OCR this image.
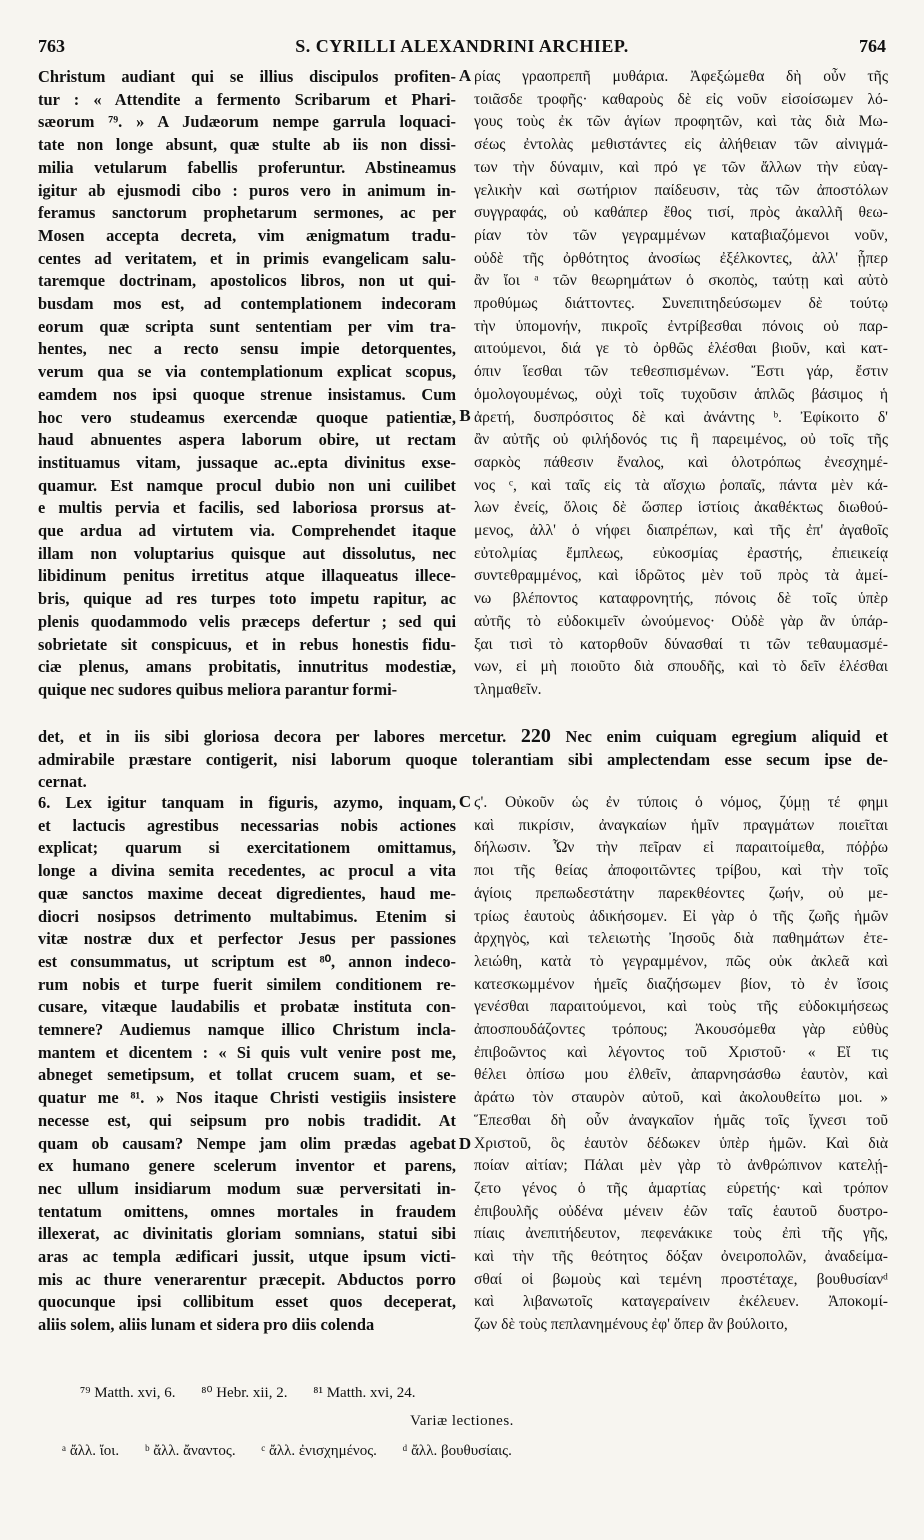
763	S. CYRILLI ALEXANDRINI ARCHIEP.	764
Christum audiant qui se illius discipulos profiten-
tur : « Attendite a fermento Scribarum et Phari-
sæorum ⁷⁹. » A Judæorum nempe garrula loquaci-
tate non longe absunt, quæ stulte ab iis non dissi-
milia vetularum fabellis proferuntur. Abstineamus
igitur ab ejusmodi cibo : puros vero in animum in-
feramus sanctorum prophetarum sermones, ac per
Mosen accepta decreta, vim ænigmatum tradu-
centes ad veritatem, et in primis evangelicam salu-
taremque doctrinam, apostolicos libros, non ut qui-
busdam mos est, ad contemplationem indecoram
eorum quæ scripta sunt sententiam per vim tra-
hentes, nec a recto sensu impie detorquentes,
verum qua se via contemplationum explicat scopus,
eamdem nos ipsi quoque strenue insistamus. Cum
hoc vero studeamus exercendæ quoque patientiæ,
haud abnuentes aspera laborum obire, ut rectam
instituamus vitam, jussaque ac..epta divinitus exse-
quamur. Est namque procul dubio non uni cuilibet
e multis pervia et facilis, sed laboriosa prorsus at-
que ardua ad virtutem via. Comprehendet itaque
illam non voluptarius quisque aut dissolutus, nec
libidinum penitus irretitus atque illaqueatus illece-
bris, quique ad res turpes toto impetu rapitur, ac
plenis quodammodo velis præceps defertur ; sed qui
sobrietate sit conspicuus, et in rebus honestis fidu-
ciæ plenus, amans probitatis, innutritus modestiæ,
quique nec sudores quibus meliora parantur formi-
ρίας γραοπρεπῆ μυθάρια. Ἀφεξώμεθα δὴ οὖν τῆς
τοιᾶσδε τροφῆς· καθαροὺς δὲ εἰς νοῦν εἰσοίσωμεν λό-
γους τοὺς ἐκ τῶν ἁγίων προφητῶν, καὶ τὰς διὰ Μω-
σέως ἐντολὰς μεθιστάντες εἰς ἀλήθειαν τῶν αἰνιγμά-
των τὴν δύναμιν, καὶ πρό γε τῶν ἄλλων τὴν εὐαγ-
γελικὴν καὶ σωτήριον παίδευσιν, τὰς τῶν ἀποστόλων
συγγραφάς, οὐ καθάπερ ἔθος τισί, πρὸς ἀκαλλῆ θεω-
ρίαν τὸν τῶν γεγραμμένων καταβιαζόμενοι νοῦν,
οὐδὲ τῆς ὀρθότητος ἀνοσίως ἐξέλκοντες, ἀλλ' ᾗπερ
ἂν ἴοι ᵃ τῶν θεωρημάτων ὁ σκοπὸς, ταύτῃ καὶ αὐτὸ
προθύμως διάττοντες. Συνεπιτηδεύσωμεν δὲ τούτῳ
τὴν ὑπομονήν, πικροῖς ἐντρίβεσθαι πόνοις οὐ παρ-
αιτούμενοι, διά γε τὸ ὀρθῶς ἑλέσθαι βιοῦν, καὶ κατ-
όπιν ἵεσθαι τῶν τεθεσπισμένων. Ἔστι γάρ, ἔστιν
ὁμολογουμένως, οὐχὶ τοῖς τυχοῦσιν ἁπλῶς βάσιμος ἡ
ἀρετή, δυσπρόσιτος δὲ καὶ ἀνάντης ᵇ. Ἐφίκοιτο δ'
ἂν αὐτῆς οὐ φιλήδονός τις ἢ παρειμένος, οὐ τοῖς τῆς
σαρκὸς πάθεσιν ἔναλος, καὶ ὁλοτρόπως ἐνεσχημέ-
νος ᶜ, καὶ ταῖς εἰς τὰ αἴσχιω ῥοπαῖς, πάντα μὲν κά-
λων ἐνείς, ὅλοις δὲ ὥσπερ ἱστίοις ἀκαθέκτως διωθού-
μενος, ἀλλ' ὁ νήφει διαπρέπων, καὶ τῆς ἐπ' ἀγαθοῖς
εὐτολμίας ἔμπλεως, εὐκοσμίας ἐραστής, ἐπιεικείᾳ
συντεθραμμένος, καὶ ἱδρῶτος μὲν τοῦ πρὸς τὰ ἀμεί-
νω βλέποντος καταφρονητής, πόνοις δὲ τοῖς ὑπὲρ
αὐτῆς τὸ εὐδοκιμεῖν ὠνούμενος· Οὐδὲ γὰρ ἂν ὑπάρ-
ξαι τισὶ τὸ κατορθοῦν δύνασθαί τι τῶν τεθαυμασμέ-
νων, εἰ μὴ ποιοῦτο διὰ σπουδῆς, καὶ τὸ δεῖν ἑλέσθαι
τλημαθεῖν.
A
B
C
D
det, et in iis sibi gloriosa decora per labores mercetur. 220 Nec enim cuiquam egregium aliquid et
admirabile præstare contigerit, nisi laborum quoque tolerantiam sibi amplectendam esse secum ipse de-
cernat.
6. Lex igitur tanquam in figuris, azymo, inquam,
et lactucis agrestibus necessarias nobis actiones
explicat; quarum si exercitationem omittamus,
longe a divina semita recedentes, ac procul a vita
quæ sanctos maxime deceat digredientes, haud me-
diocri nosipsos detrimento multabimus. Etenim si
vitæ nostræ dux et perfector Jesus per passiones
est consummatus, ut scriptum est ⁸⁰, annon indeco-
rum nobis et turpe fuerit similem conditionem re-
cusare, vitæque laudabilis et probatæ instituta con-
temnere? Audiemus namque illico Christum incla-
mantem et dicentem : « Si quis vult venire post me,
abneget semetipsum, et tollat crucem suam, et se-
quatur me ⁸¹. » Nos itaque Christi vestigiis insistere
necesse est, qui seipsum pro nobis tradidit. At
quam ob causam? Nempe jam olim prædas agebat
ex humano genere scelerum inventor et parens,
nec ullum insidiarum modum suæ perversitati in-
tentatum omittens, omnes mortales in fraudem
illexerat, ac divinitatis gloriam somnians, statui sibi
aras ac templa ædificari jussit, utque ipsum victi-
mis ac thure venerarentur præcepit. Abductos porro
quocunque ipsi collibitum esset quos deceperat,
aliis solem, aliis lunam et sidera pro diis colenda
ϛ'. Οὐκοῦν ὡς ἐν τύποις ὁ νόμος, ζύμῃ τέ φημι
καὶ πικρίσιν, ἀναγκαίων ἡμῖν πραγμάτων ποιεῖται
δήλωσιν. Ὧν τὴν πεῖραν εἰ παραιτοίμεθα, πόῤῥω
ποι τῆς θείας ἀποφοιτῶντες τρίβου, καὶ τὴν τοῖς
ἁγίοις πρεπωδεστάτην παρεκθέοντες ζωήν, οὐ με-
τρίως ἑαυτοὺς ἀδικήσομεν. Εἰ γὰρ ὁ τῆς ζωῆς ἡμῶν
ἀρχηγὸς, καὶ τελειωτὴς Ἰησοῦς διὰ παθημάτων ἐτε-
λειώθη, κατὰ τὸ γεγραμμένον, πῶς οὐκ ἀκλεᾶ καὶ
κατεσκωμμένον ἡμεῖς διαζήσωμεν βίον, τὸ ἐν ἴσοις
γενέσθαι παραιτούμενοι, καὶ τοὺς τῆς εὐδοκιμήσεως
ἀποσπουδάζοντες τρόπους; Ἀκουσόμεθα γὰρ εὐθὺς
ἐπιβοῶντος καὶ λέγοντος τοῦ Χριστοῦ· « Εἴ τις
θέλει ὀπίσω μου ἐλθεῖν, ἀπαρνησάσθω ἑαυτὸν, καὶ
ἀράτω τὸν σταυρὸν αὐτοῦ, καὶ ἀκολουθείτω μοι. »
Ἕπεσθαι δὴ οὖν ἀναγκαῖον ἡμᾶς τοῖς ἴχνεσι τοῦ
Χριστοῦ, ὃς ἑαυτὸν δέδωκεν ὑπὲρ ἡμῶν. Καὶ διὰ
ποίαν αἰτίαν; Πάλαι μὲν γὰρ τὸ ἀνθρώπινον κατελῄ-
ζετο γένος ὁ τῆς ἁμαρτίας εὑρετής· καὶ τρόπον
ἐπιβουλῆς οὐδένα μένειν ἐῶν ταῖς ἑαυτοῦ δυστρο-
πίαις ἀνεπιτήδευτον, πεφενάκικε τοὺς ἐπὶ τῆς γῆς,
καὶ τὴν τῆς θεότητος δόξαν ὀνειροπολῶν, ἀναδείμα-
σθαί οἱ βωμοὺς καὶ τεμένη προστέταχε, βουθυσίανᵈ
καὶ λιβανωτοῖς καταγεραίνειν ἐκέλευεν. Ἀποκομί-
ζων δὲ τοὺς πεπλανημένους ἐφ' ὅπερ ἂν βούλοιτο,
⁷⁹ Matth. xvi, 6. ⁸⁰ Hebr. xii, 2. ⁸¹ Matth. xvi, 24.
Variæ lectiones.
ᵃ ἄλλ. ἴοι. ᵇ ἄλλ. ἄναντος. ᶜ ἄλλ. ἐνισχημένος. ᵈ ἄλλ. βουθυσίαις.
